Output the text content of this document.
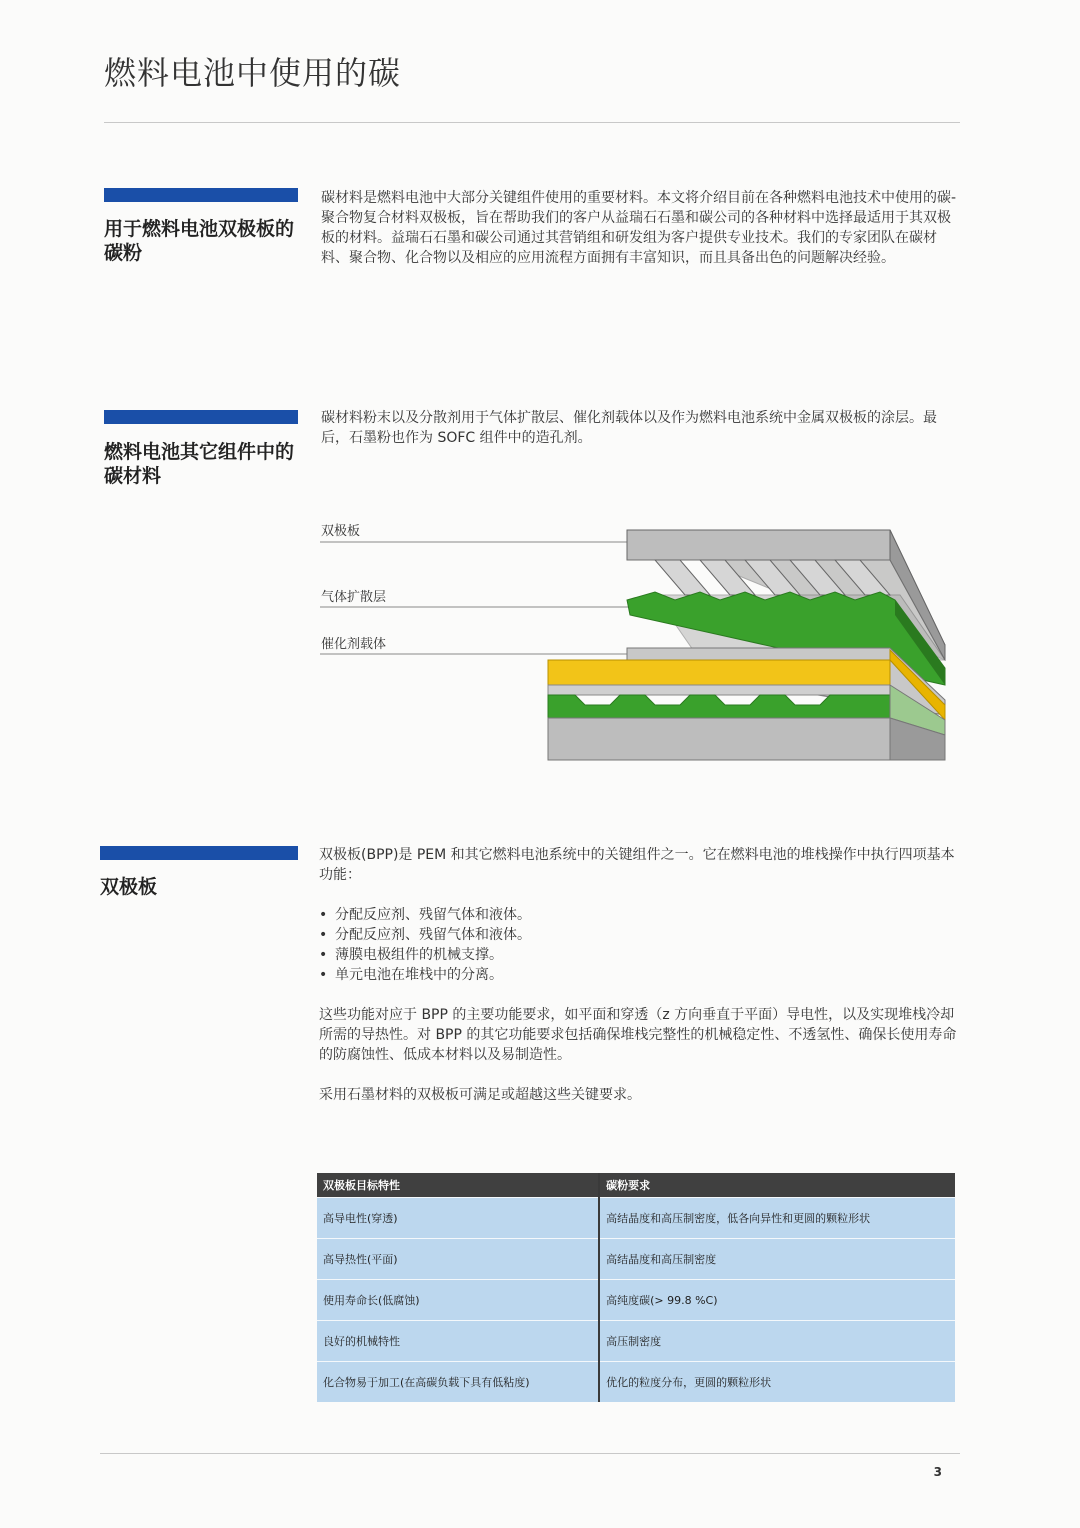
燃料电池中使用的碳
用于燃料电池双极板的碳粉

碳材料是燃料电池中大部分关键组件使用的重要材料。本文将介绍目前在各种燃料电池技术中使用的碳-聚合物复合材料双极板，旨在帮助我们的客户从益瑞石石墨和碳公司的各种材料中选择最适用于其双极板的材料。益瑞石石墨和碳公司通过其营销组和研发组为客户提供专业技术。我们的专家团队在碳材料、聚合物、化合物以及相应的应用流程方面拥有丰富知识，而且具备出色的问题解决经验。

燃料电池其它组件中的碳材料

碳材料粉末以及分散剂用于气体扩散层、催化剂载体以及作为燃料电池系统中金属双极板的涂层。最后，石墨粉也作为 SOFC 组件中的造孔剂。

双极板
气体扩散层
催化剂载体
双极板

双极板(BPP)是 PEM 和其它燃料电池系统中的关键组件之一。它在燃料电池的堆栈操作中执行四项基本功能：

• 分配反应剂、残留气体和液体。
• 分配反应剂、残留气体和液体。
• 薄膜电极组件的机械支撑。
• 单元电池在堆栈中的分离。

这些功能对应于 BPP 的主要功能要求，如平面和穿透（z 方向垂直于平面）导电性，以及实现堆栈冷却所需的导热性。对 BPP 的其它功能要求包括确保堆栈完整性的机械稳定性、不透氢性、确保长使用寿命的防腐蚀性、低成本材料以及易制造性。

采用石墨材料的双极板可满足或超越这些关键要求。

双极板目标特性	碳粉要求
高导电性(穿透)	高结晶度和高压制密度，低各向异性和更圆的颗粒形状
高导热性(平面)	高结晶度和高压制密度
使用寿命长(低腐蚀)	高纯度碳(> 99.8 %C)
良好的机械特性	高压制密度
化合物易于加工(在高碳负载下具有低粘度)	优化的粒度分布，更圆的颗粒形状
3
